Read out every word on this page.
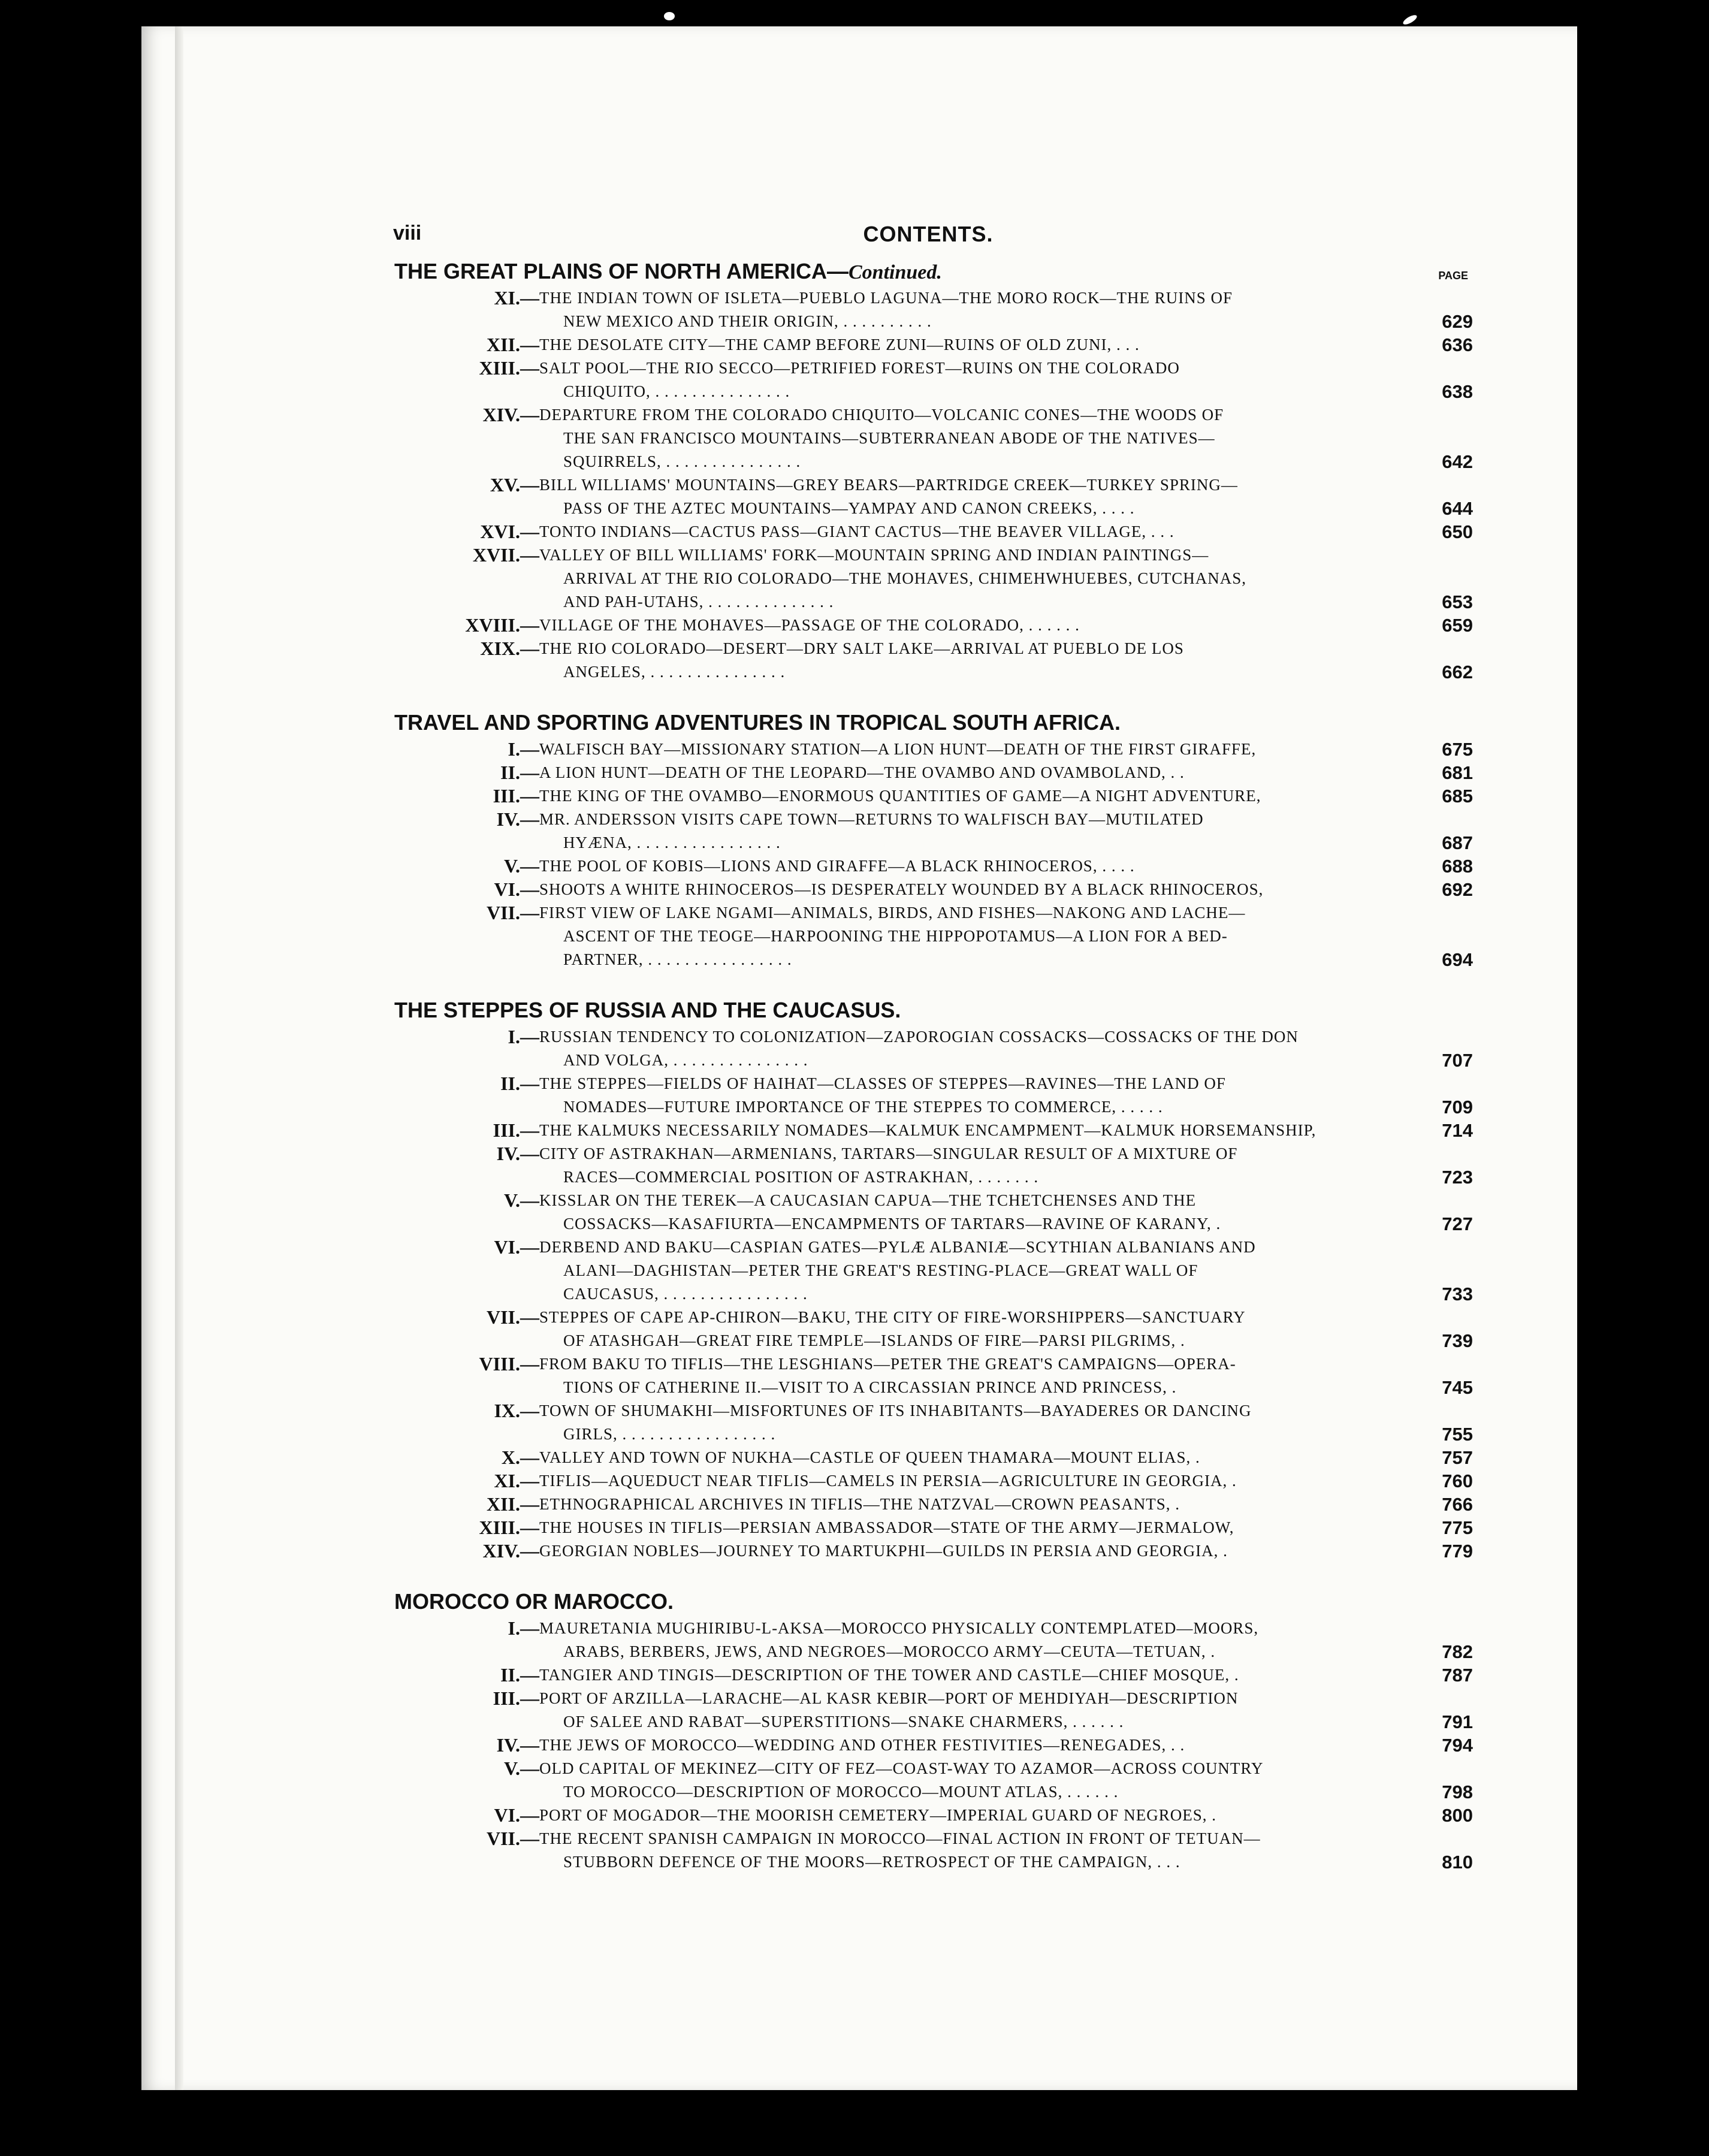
viii	CONTENTS.
THE GREAT PLAINS OF NORTH AMERICA—Continued.	PAGE
XI.— THE INDIAN TOWN OF ISLETA—PUEBLO LAGUNA—THE MORO ROCK—THE RUINS OF
NEW MEXICO AND THEIR ORIGIN, . . . . . . . . . .	629
XII.— THE DESOLATE CITY—THE CAMP BEFORE ZUNI—RUINS OF OLD ZUNI, . . .	636
XIII.— SALT POOL—THE RIO SECCO—PETRIFIED FOREST—RUINS ON THE COLORADO
CHIQUITO, . . . . . . . . . . . . . . .	638
XIV.— DEPARTURE FROM THE COLORADO CHIQUITO—VOLCANIC CONES—THE WOODS OF
THE SAN FRANCISCO MOUNTAINS—SUBTERRANEAN ABODE OF THE NATIVES—
SQUIRRELS, . . . . . . . . . . . . . . .	642
XV.— BILL WILLIAMS' MOUNTAINS—GREY BEARS—PARTRIDGE CREEK—TURKEY SPRING—
PASS OF THE AZTEC MOUNTAINS—YAMPAY AND CANON CREEKS, . . . .	644
XVI.— TONTO INDIANS—CACTUS PASS—GIANT CACTUS—THE BEAVER VILLAGE, . . .	650
XVII.— VALLEY OF BILL WILLIAMS' FORK—MOUNTAIN SPRING AND INDIAN PAINTINGS—
ARRIVAL AT THE RIO COLORADO—THE MOHAVES, CHIMEHWHUEBES, CUTCHANAS,
AND PAH-UTAHS, . . . . . . . . . . . . . .	653
XVIII.— VILLAGE OF THE MOHAVES—PASSAGE OF THE COLORADO, . . . . . .	659
XIX.— THE RIO COLORADO—DESERT—DRY SALT LAKE—ARRIVAL AT PUEBLO DE LOS
ANGELES, . . . . . . . . . . . . . . .	662
TRAVEL AND SPORTING ADVENTURES IN TROPICAL SOUTH AFRICA.
I.— WALFISCH BAY—MISSIONARY STATION—A LION HUNT—DEATH OF THE FIRST GIRAFFE,	675
II.— A LION HUNT—DEATH OF THE LEOPARD—THE OVAMBO AND OVAMBOLAND, . .	681
III.— THE KING OF THE OVAMBO—ENORMOUS QUANTITIES OF GAME—A NIGHT ADVENTURE,	685
IV.— MR. ANDERSSON VISITS CAPE TOWN—RETURNS TO WALFISCH BAY—MUTILATED
HYÆNA, . . . . . . . . . . . . . . . .	687
V.— THE POOL OF KOBIS—LIONS AND GIRAFFE—A BLACK RHINOCEROS, . . . .	688
VI.— SHOOTS A WHITE RHINOCEROS—IS DESPERATELY WOUNDED BY A BLACK RHINOCEROS,	692
VII.— FIRST VIEW OF LAKE NGAMI—ANIMALS, BIRDS, AND FISHES—NAKONG AND LACHE—
ASCENT OF THE TEOGE—HARPOONING THE HIPPOPOTAMUS—A LION FOR A BED-
PARTNER, . . . . . . . . . . . . . . . .	694
THE STEPPES OF RUSSIA AND THE CAUCASUS.
I.— RUSSIAN TENDENCY TO COLONIZATION—ZAPOROGIAN COSSACKS—COSSACKS OF THE DON
AND VOLGA, . . . . . . . . . . . . . . .	707
II.— THE STEPPES—FIELDS OF HAIHAT—CLASSES OF STEPPES—RAVINES—THE LAND OF
NOMADES—FUTURE IMPORTANCE OF THE STEPPES TO COMMERCE, . . . . .	709
III.— THE KALMUKS NECESSARILY NOMADES—KALMUK ENCAMPMENT—KALMUK HORSEMANSHIP,	714
IV.— CITY OF ASTRAKHAN—ARMENIANS, TARTARS—SINGULAR RESULT OF A MIXTURE OF
RACES—COMMERCIAL POSITION OF ASTRAKHAN, . . . . . . .	723
V.— KISSLAR ON THE TEREK—A CAUCASIAN CAPUA—THE TCHETCHENSES AND THE
COSSACKS—KASAFIURTA—ENCAMPMENTS OF TARTARS—RAVINE OF KARANY, .	727
VI.— DERBEND AND BAKU—CASPIAN GATES—PYLÆ ALBANIÆ—SCYTHIAN ALBANIANS AND
ALANI—DAGHISTAN—PETER THE GREAT'S RESTING-PLACE—GREAT WALL OF
CAUCASUS, . . . . . . . . . . . . . . . .	733
VII.— STEPPES OF CAPE AP-CHIRON—BAKU, THE CITY OF FIRE-WORSHIPPERS—SANCTUARY
OF ATASHGAH—GREAT FIRE TEMPLE—ISLANDS OF FIRE—PARSI PILGRIMS, .	739
VIII.— FROM BAKU TO TIFLIS—THE LESGHIANS—PETER THE GREAT'S CAMPAIGNS—OPERA-
TIONS OF CATHERINE II.—VISIT TO A CIRCASSIAN PRINCE AND PRINCESS, .	745
IX.— TOWN OF SHUMAKHI—MISFORTUNES OF ITS INHABITANTS—BAYADERES OR DANCING
GIRLS, . . . . . . . . . . . . . . . . .	755
X.— VALLEY AND TOWN OF NUKHA—CASTLE OF QUEEN THAMARA—MOUNT ELIAS, .	757
XI.— TIFLIS—AQUEDUCT NEAR TIFLIS—CAMELS IN PERSIA—AGRICULTURE IN GEORGIA, .	760
XII.— ETHNOGRAPHICAL ARCHIVES IN TIFLIS—THE NATZVAL—CROWN PEASANTS, .	766
XIII.— THE HOUSES IN TIFLIS—PERSIAN AMBASSADOR—STATE OF THE ARMY—JERMALOW,	775
XIV.— GEORGIAN NOBLES—JOURNEY TO MARTUKPHI—GUILDS IN PERSIA AND GEORGIA, .	779
MOROCCO OR MAROCCO.
I.— MAURETANIA MUGHIRIBU-L-AKSA—MOROCCO PHYSICALLY CONTEMPLATED—MOORS,
ARABS, BERBERS, JEWS, AND NEGROES—MOROCCO ARMY—CEUTA—TETUAN, .	782
II.— TANGIER AND TINGIS—DESCRIPTION OF THE TOWER AND CASTLE—CHIEF MOSQUE, .	787
III.— PORT OF ARZILLA—LARACHE—AL KASR KEBIR—PORT OF MEHDIYAH—DESCRIPTION
OF SALEE AND RABAT—SUPERSTITIONS—SNAKE CHARMERS, . . . . . .	791
IV.— THE JEWS OF MOROCCO—WEDDING AND OTHER FESTIVITIES—RENEGADES, . .	794
V.— OLD CAPITAL OF MEKINEZ—CITY OF FEZ—COAST-WAY TO AZAMOR—ACROSS COUNTRY
TO MOROCCO—DESCRIPTION OF MOROCCO—MOUNT ATLAS, . . . . . .	798
VI.— PORT OF MOGADOR—THE MOORISH CEMETERY—IMPERIAL GUARD OF NEGROES, .	800
VII.— THE RECENT SPANISH CAMPAIGN IN MOROCCO—FINAL ACTION IN FRONT OF TETUAN—
STUBBORN DEFENCE OF THE MOORS—RETROSPECT OF THE CAMPAIGN, . . .	810
